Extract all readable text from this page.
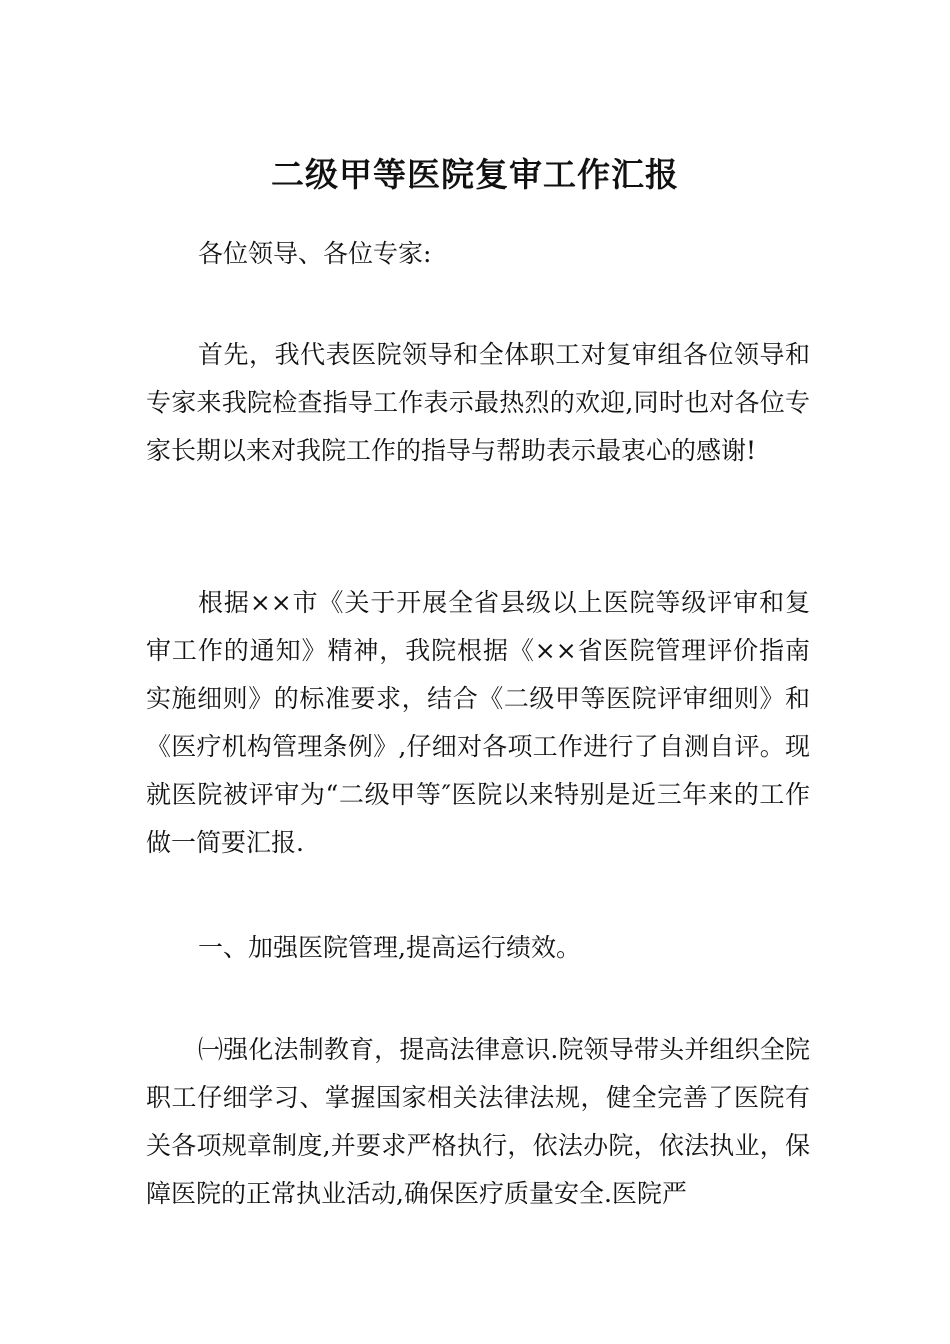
二级甲等医院复审工作汇报

各位领导、各位专家:

首先，我代表医院领导和全体职工对复审组各位领导和专家来我院检查指导工作表示最热烈的欢迎,同时也对各位专家长期以来对我院工作的指导与帮助表示最衷心的感谢!

根据××市《关于开展全省县级以上医院等级评审和复审工作的通知》精神，我院根据《××省医院管理评价指南实施细则》的标准要求，结合《二级甲等医院评审细则》和《医疗机构管理条例》,仔细对各项工作进行了自测自评。现就医院被评审为“二级甲等″医院以来特别是近三年来的工作做一简要汇报.

一、加强医院管理,提高运行绩效。

㈠强化法制教育，提高法律意识.院领导带头并组织全院职工仔细学习、掌握国家相关法律法规，健全完善了医院有关各项规章制度,并要求严格执行，依法办院，依法执业，保障医院的正常执业活动,确保医疗质量安全.医院严
